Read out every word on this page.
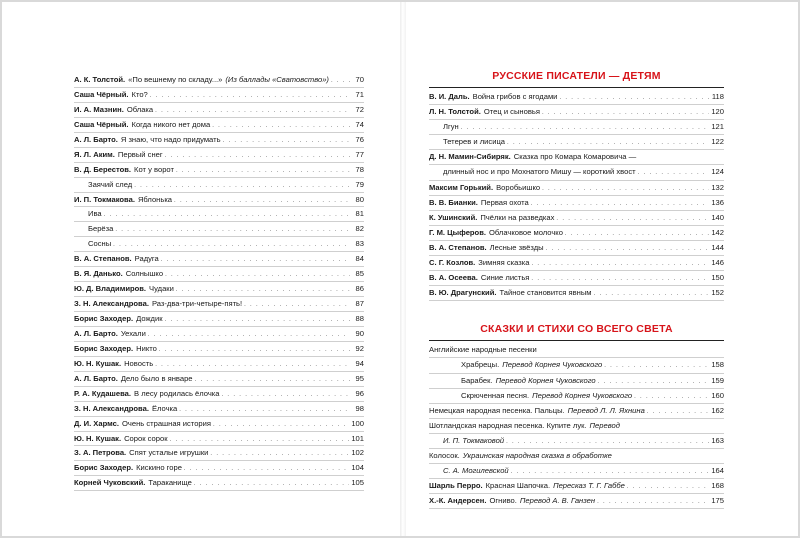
А. К. Толстой. «По вешнему по складу...» (Из баллады «Сватовство») . . .	70
Саша Чёрный. Кто? . . .	71
И. А. Мазнин. Облака . . .	72
Саша Чёрный. Когда никого нет дома . . .	74
А. Л. Барто. Я знаю, что надо придумать . . .	76
Я. Л. Аким. Первый снег . . .	77
В. Д. Берестов. Кот у ворот . . .	78
Заячий след . . .	79
И. П. Токмакова. Яблонька . . .	80
Ива . . .	81
Берёза . . .	82
Сосны . . .	83
В. А. Степанов. Радуга . . .	84
В. Я. Данько. Солнышко . . .	85
Ю. Д. Владимиров. Чудаки . . .	86
З. Н. Александрова. Раз-два-три-четыре-пять! . . .	87
Борис Заходер. Дождик . . .	88
А. Л. Барто. Уехали . . .	90
Борис Заходер. Никто . . .	92
Ю. Н. Кушак. Новость . . .	94
А. Л. Барто. Дело было в январе . . .	95
Р. А. Кудашева. В лесу родилась ёлочка . . .	96
З. Н. Александрова. Ёлочка . . .	98
Д. И. Хармс. Очень страшная история . . .	100
Ю. Н. Кушак. Сорок сорок . . .	101
З. А. Петрова. Спят усталые игрушки . . .	102
Борис Заходер. Кискино горе . . .	104
Корней Чуковский. Тараканище . . .	105
РУССКИЕ ПИСАТЕЛИ — ДЕТЯМ
В. И. Даль. Война грибов с ягодами . . .	118
Л. Н. Толстой. Отец и сыновья . . .	120
Лгун . . .	121
Тетерев и лисица . . .	122
Д. Н. Мамин-Сибиряк. Сказка про Комара Комаровича —
длинный нос и про Мохнатого Мишу — короткий хвост . . .	124
Максим Горький. Воробьишко . . .	132
В. В. Бианки. Первая охота . . .	136
К. Ушинский. Пчёлки на разведках . . .	140
Г. М. Цыферов. Облачковое молочко . . .	142
В. А. Степанов. Лесные звёзды . . .	144
С. Г. Козлов. Зимняя сказка . . .	146
В. А. Осеева. Синие листья . . .	150
В. Ю. Драгунский. Тайное становится явным . . .	152
СКАЗКИ И СТИХИ СО ВСЕГО СВЕТА
Английские народные песенки
Храбрецы. Перевод Корнея Чуковского . . .	158
Барабек. Перевод Корнея Чуковского . . .	159
Скрюченная песня. Перевод Корнея Чуковского . . .	160
Немецкая народная песенка. Пальцы. Перевод Л. Л. Яхнина . . .	162
Шотландская народная песенка. Купите лук. Перевод
И. П. Токмаковой . . .	163
Колосок. Украинская народная сказка в обработке
С. А. Могилевской . . .	164
Шарль Перро. Красная Шапочка. Пересказ Т. Г. Габбе . . .	168
Х.-К. Андерсен. Огниво. Перевод А. В. Ганзен . . .	175
